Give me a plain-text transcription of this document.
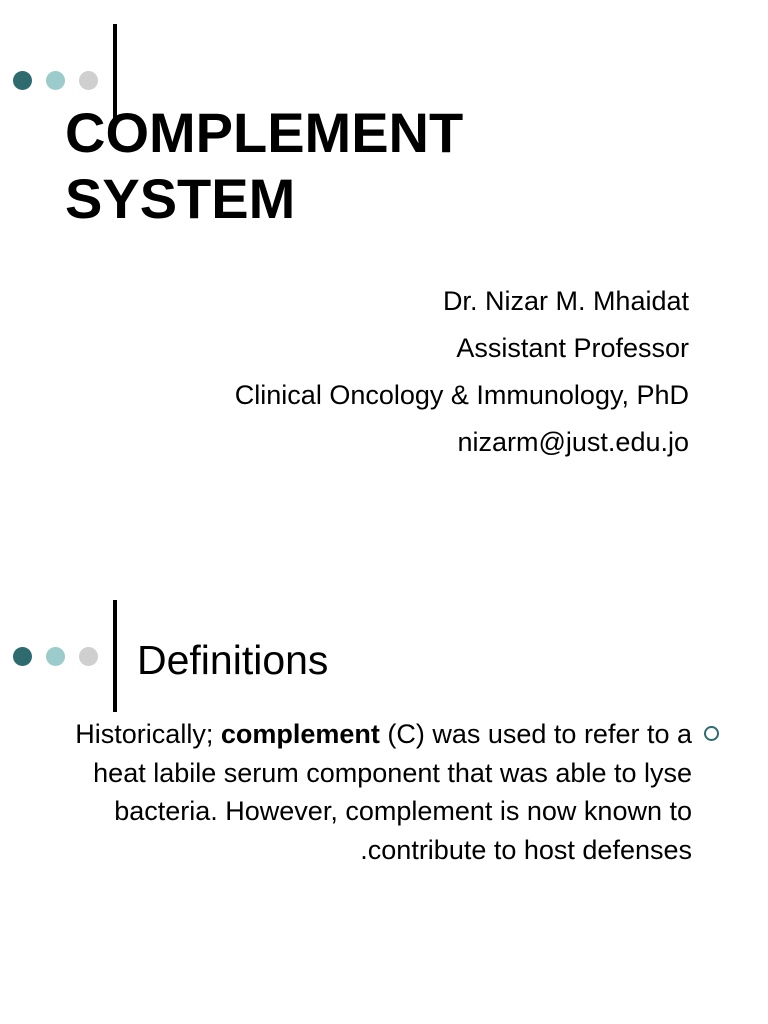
COMPLEMENT
SYSTEM
Dr. Nizar M. Mhaidat
Assistant Professor
Clinical Oncology & Immunology, PhD
nizarm@just.edu.jo
Definitions

Historically; complement (C) was used to refer to a heat labile serum component that was able to lyse bacteria. However, complement is now known to contribute to host defenses.
